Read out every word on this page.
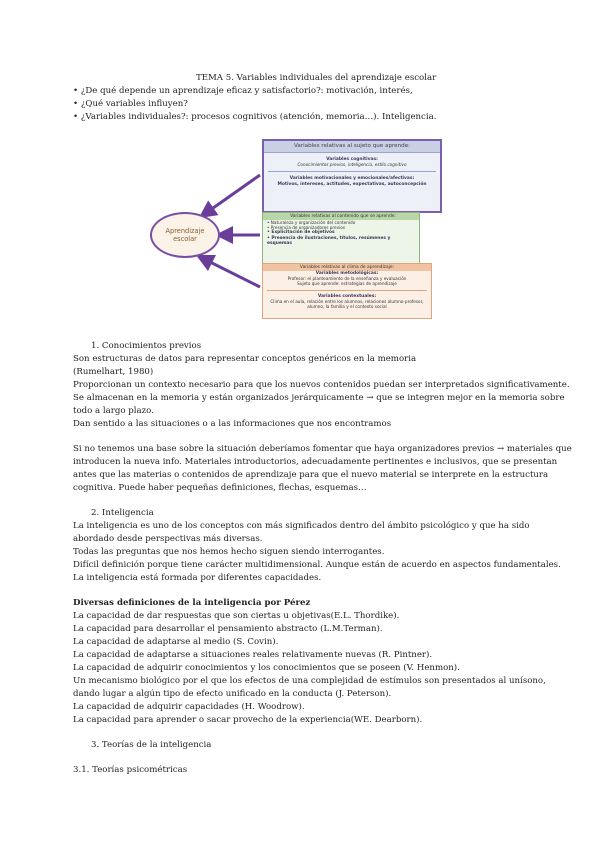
TEMA 5. Variables individuales del aprendizaje escolar
• ¿De qué depende un aprendizaje eficaz y satisfactorio?: motivación, interés,
• ¿Qué variables influyen?
• ¿Variables individuales?: procesos cognitivos (atención, memoria…). Inteligencia.
Aprendizaje
escolar
Variables relativas al sujeto que aprende:
Variables cognitivas:
Conocimientos previos, inteligencia, estilo cognitivo
Variables motivacionales y emocionales/afectivas:
Motivos, intereses, actitudes, expectativas, autoconcepción
Variables relativas al contenido que se aprende:
• Naturaleza y organización del contenido
• Presencia de organizadores previos
• Explicitación de objetivos
• Presencia de ilustraciones, títulos, resúmenes y
esquemas
Variables relativas al clima de aprendizaje:
Variables metodológicas:
Profesor: el planteamiento de la enseñanza y evaluación
Sujeto que aprende: estrategias de aprendizaje
Variables contextuales:
Clima en el aula, relación entre los alumnos, relaciones alumno-profesor,
alumno, la familia y el contexto social
1. Conocimientos previos
Son estructuras de datos para representar conceptos genéricos en la memoria
(Rumelhart, 1980)
Proporcionan un contexto necesario para que los nuevos contenidos puedan ser interpretados significativamente.
Se almacenan en la memoria y están organizados jerárquicamente → que se integren mejor en la memoria sobre
todo a largo plazo.
Dan sentido a las situaciones o a las informaciones que nos encontramos
Si no tenemos una base sobre la situación deberíamos fomentar que haya organizadores previos → materiales que
introducen la nueva info. Materiales introductorios, adecuadamente pertinentes e inclusivos, que se presentan
antes que las materias o contenidos de aprendizaje para que el nuevo material se interprete en la estructura
cognitiva. Puede haber pequeñas definiciones, flechas, esquemas…
2. Inteligencia
La inteligencia es uno de los conceptos con más significados dentro del ámbito psicológico y que ha sido
abordado desde perspectivas más diversas.
Todas las preguntas que nos hemos hecho siguen siendo interrogantes.
Difícil definición porque tiene carácter multidimensional. Aunque están de acuerdo en aspectos fundamentales.
La inteligencia está formada por diferentes capacidades.
Diversas definiciones de la inteligencia por Pérez
La capacidad de dar respuestas que son ciertas u objetivas(E.L. Thordike).
La capacidad para desarrollar el pensamiento abstracto (L.M.Terman).
La capacidad de adaptarse al medio (S. Covin).
La capacidad de adaptarse a situaciones reales relativamente nuevas (R. Pintner).
La capacidad de adquirir conocimientos y los conocimientos que se poseen (V. Henmon).
Un mecanismo biológico por el que los efectos de una complejidad de estímulos son presentados al unísono,
dando lugar a algún tipo de efecto unificado en la conducta (J. Peterson).
La capacidad de adquirir capacidades (H. Woodrow).
La capacidad para aprender o sacar provecho de la experiencia(WE. Dearborn).
3. Teorías de la inteligencia
3.1. Teorías psicométricas
